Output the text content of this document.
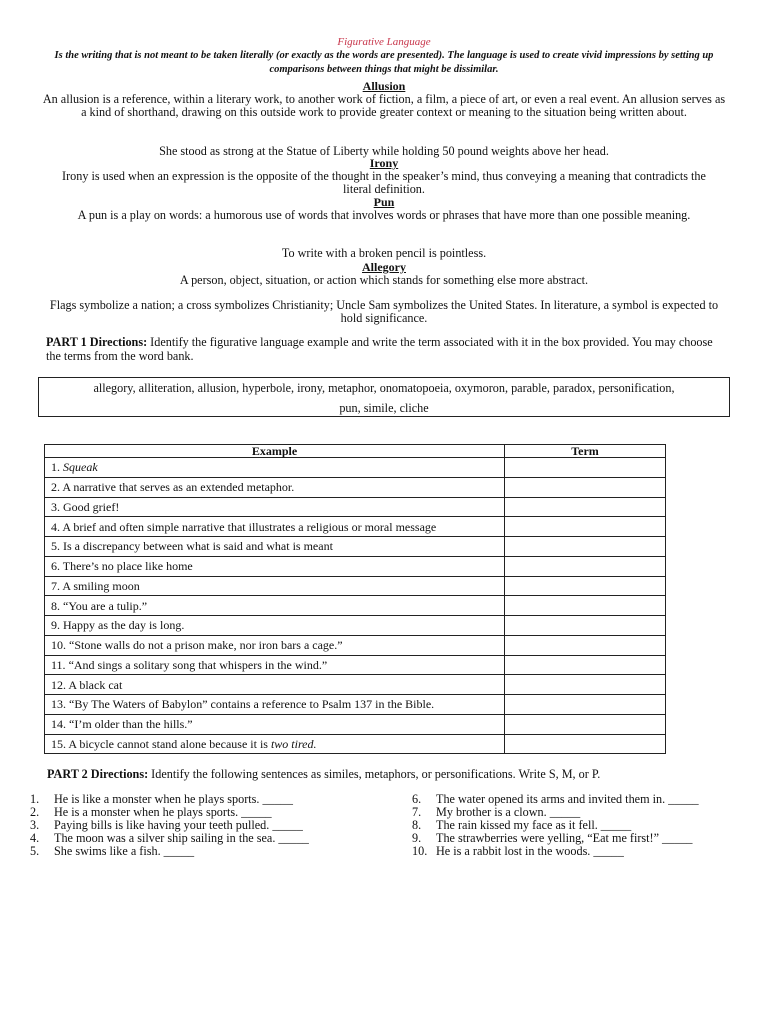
Figurative Language
Is the writing that is not meant to be taken literally (or exactly as the words are presented). The language is used to create vivid impressions by setting up comparisons between things that might be dissimilar.
Allusion
An allusion is a reference, within a literary work, to another work of fiction, a film, a piece of art, or even a real event. An allusion serves as a kind of shorthand, drawing on this outside work to provide greater context or meaning to the situation being written about.
She stood as strong at the Statue of Liberty while holding 50 pound weights above her head.
Irony
Irony is used when an expression is the opposite of the thought in the speaker’s mind, thus conveying a meaning that contradicts the literal definition.
Pun
A pun is a play on words: a humorous use of words that involves words or phrases that have more than one possible meaning.
To write with a broken pencil is pointless.
Allegory
A person, object, situation, or action which stands for something else more abstract.
Flags symbolize a nation; a cross symbolizes Christianity; Uncle Sam symbolizes the United States. In literature, a symbol is expected to hold significance.
PART 1 Directions: Identify the figurative language example and write the term associated with it in the box provided. You may choose the terms from the word bank.
allegory, alliteration, allusion, hyperbole, irony, metaphor, onomatopoeia, oxymoron, parable, paradox, personification,
pun, simile, cliche
Example	Term
1. Squeak	
2. A narrative that serves as an extended metaphor.	
3. Good grief!	
4. A brief and often simple narrative that illustrates a religious or moral message	
5. Is a discrepancy between what is said and what is meant	
6. There’s no place like home	
7. A smiling moon	
8. “You are a tulip.”	
9. Happy as the day is long.	
10. “Stone walls do not a prison make, nor iron bars a cage.”	
11. “And sings a solitary song that whispers in the wind.”	
12. A black cat	
13. “By The Waters of Babylon” contains a reference to Psalm 137 in the Bible.	
14. “I’m older than the hills.”	
15. A bicycle cannot stand alone because it is two tired.	
PART 2 Directions: Identify the following sentences as similes, metaphors, or personifications. Write S, M, or P.
1.	He is like a monster when he plays sports. _____
2.	He is a monster when he plays sports. _____
3.	Paying bills is like having your teeth pulled. _____
4.	The moon was a silver ship sailing in the sea. _____
5.	She swims like a fish. _____
6.	The water opened its arms and invited them in. _____
7.	My brother is a clown. _____
8.	The rain kissed my face as it fell. _____
9.	The strawberries were yelling, “Eat me first!” _____
10. He is a rabbit lost in the woods. _____
